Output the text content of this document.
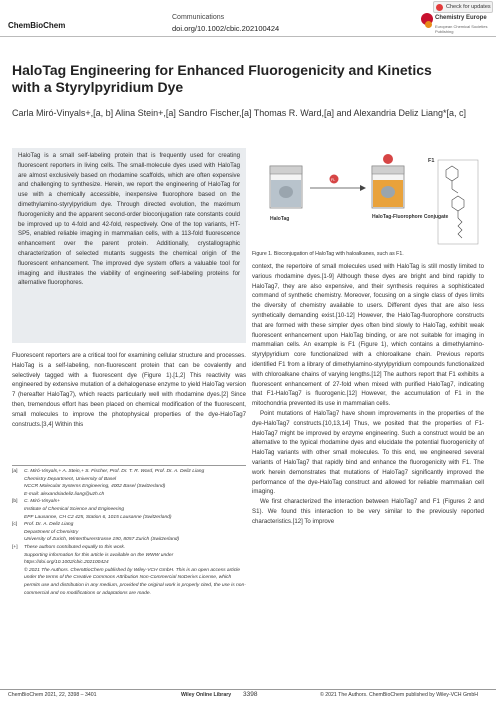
ChemBioChem
Communications
doi.org/10.1002/cbic.202100424
Check for updates
Chemistry Europe
European Chemical Societies Publishing
HaloTag Engineering for Enhanced Fluorogenicity and Kinetics with a Styrylpyridium Dye
Carla Miró-Vinyals+,[a, b] Alina Stein+,[a] Sandro Fischer,[a] Thomas R. Ward,[a] and Alexandria Deliz Liang*[a, c]
HaloTag is a small self-labeling protein that is frequently used for creating fluorescent reporters in living cells. The small-molecule dyes used with HaloTag are almost exclusively based on rhodamine scaffolds, which are often expensive and challenging to synthesize. Herein, we report the engineering of HaloTag for use with a chemically accessible, inexpensive fluorophore based on the dimethylamino-styrylpyridium dye. Through directed evolution, the maximum fluorogenicity and the apparent second-order bioconjugation rate constants could be improved up to 4-fold and 42-fold, respectively. One of the top variants, HT-SP5, enabled reliable imaging in mammalian cells, with a 113-fold fluorescence enhancement over the parent protein. Additionally, crystallographic characterization of selected mutants suggests the chemical origin of the fluorescent enhancement. The improved dye system offers a valuable tool for imaging and illustrates the viability of engineering self-labeling proteins for alternative fluorophores.
HaloTag
FL
HaloTag-Fluorophore Conjugate
F1
Figure 1. Bioconjugation of HaloTag with haloalkanes, such as F1.

Fluorescent reporters are a critical tool for examining cellular structure and processes. HaloTag is a self-labeling, non-fluorescent protein that can be covalently and selectively tagged with a fluorescent dye (Figure 1).[1,2] This reactivity was engineered by extensive mutation of a dehalogenase enzyme to yield HaloTag version 7 (hereafter HaloTag7), which reacts particularly well with rhodamine dyes.[2] Since then, tremendous effort has been placed on chemical modification of the fluorescent, small molecules to improve the photophysical properties of the dye-HaloTag7 constructs.[3,4] Within this

context, the repertoire of small molecules used with HaloTag is still mostly limited to various rhodamine dyes.[1-9] Although these dyes are bright and bind rapidly to HaloTag7, they are also expensive, and their synthesis requires a sophisticated command of synthetic chemistry. Moreover, focusing on a single class of dyes limits the diversity of chemistry available to users. Different dyes that are also less synthetically demanding exist.[10-12] However, the HaloTag-fluorophore constructs that are formed with these simpler dyes often bind slowly to HaloTag, exhibit weak fluorescent enhancement upon HaloTag binding, or are not suitable for imaging in mammalian cells. An example is F1 (Figure 1), which contains a dimethylamino-styrylpyridium core functionalized with a chloroalkane chain. Previous reports identified F1 from a library of dimethylamino-styrylpyridium compounds functionalized with chloroalkane chains of varying lengths.[12] The authors report that F1 exhibits a fluorescent enhancement of 27-fold when mixed with purified HaloTag7, indicating that F1-HaloTag7 is fluorogenic.[12] However, the accumulation of F1 in the mitochondria prevented its use in mammalian cells.

Point mutations of HaloTag7 have shown improvements in the properties of the dye-HaloTag7 constructs.[10,13,14] Thus, we posited that the properties of F1-HaloTag7 might be improved by enzyme engineering. Such a construct would be an alternative to the typical rhodamine dyes and elucidate the potential fluorogenicity of HaloTag variants with other small molecules. To this end, we engineered several variants of HaloTag7 that rapidly bind and enhance the fluorogenicity with F1. The work herein demonstrates that mutations of HaloTag7 significantly improved the performance of the dye-HaloTag construct and allowed for reliable mammalian cell imaging.

We first characterized the interaction between HaloTag7 and F1 (Figures 2 and S1). We found this interaction to be very similar to the previously reported characteristics.[12] To improve

[a]	C. Miró-Vinyals,+ A. Stein,+ S. Fischer, Prof. Dr. T. R. Ward, Prof. Dr. A. Deliz Liang
Chemistry Department, University of Basel
NCCR Molecular Systems Engineering, 4002 Basel (Switzerland)
E-mail: alexandriadeliz.liang@uzh.ch
[b]	C. Miró-Vinyals+
Institute of Chemical Science and Engineering
EPF Lausanne, CH C2 425, Station 6, 1015 Lausanne (Switzerland)
[c]	Prof. Dr. A. Deliz Liang
Department of Chemistry
University of Zurich, Winterthurerstrasse 190, 8057 Zurich (Switzerland)
[+]	These authors contributed equally to this work.
Supporting information for this article is available on the WWW under https://doi.org/10.1002/cbic.202100424
© 2021 The Authors. ChemBioChem published by Wiley-VCH GmbH. This is an open access article under the terms of the Creative Commons Attribution Non-Commercial NoDerivs License, which permits use and distribution in any medium, provided the original work is properly cited, the use is non-commercial and no modifications or adaptations are made.
ChemBioChem 2021, 22, 3398 – 3401	Wiley Online Library 3398	© 2021 The Authors. ChemBioChem published by Wiley-VCH GmbH
